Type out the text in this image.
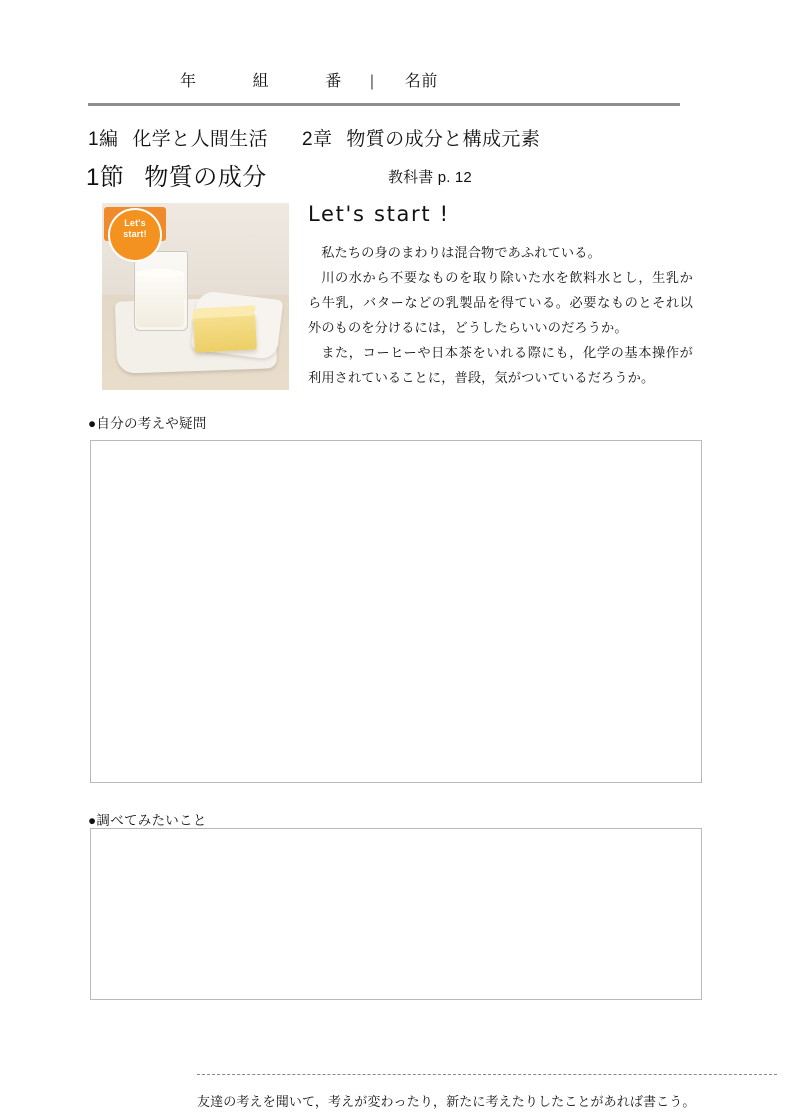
年	組	番 | 名前
1編 化学と人間生活 2章 物質の成分と構成元素
1節 物質の成分	教科書 p. 12
Let's
start!
Let's start !

私たちの身のまわりは混合物であふれている。

川の水から不要なものを取り除いた水を飲料水とし，生乳から牛乳，バターなどの乳製品を得ている。必要なものとそれ以外のものを分けるには，どうしたらいいのだろうか。

また，コーヒーや日本茶をいれる際にも，化学の基本操作が利用されていることに，普段，気がついているだろうか。

●自分の考えや疑問
友達の考えを聞いて，考えが変わったり，新たに考えたりしたことがあれば書こう。
●調べてみたいこと
